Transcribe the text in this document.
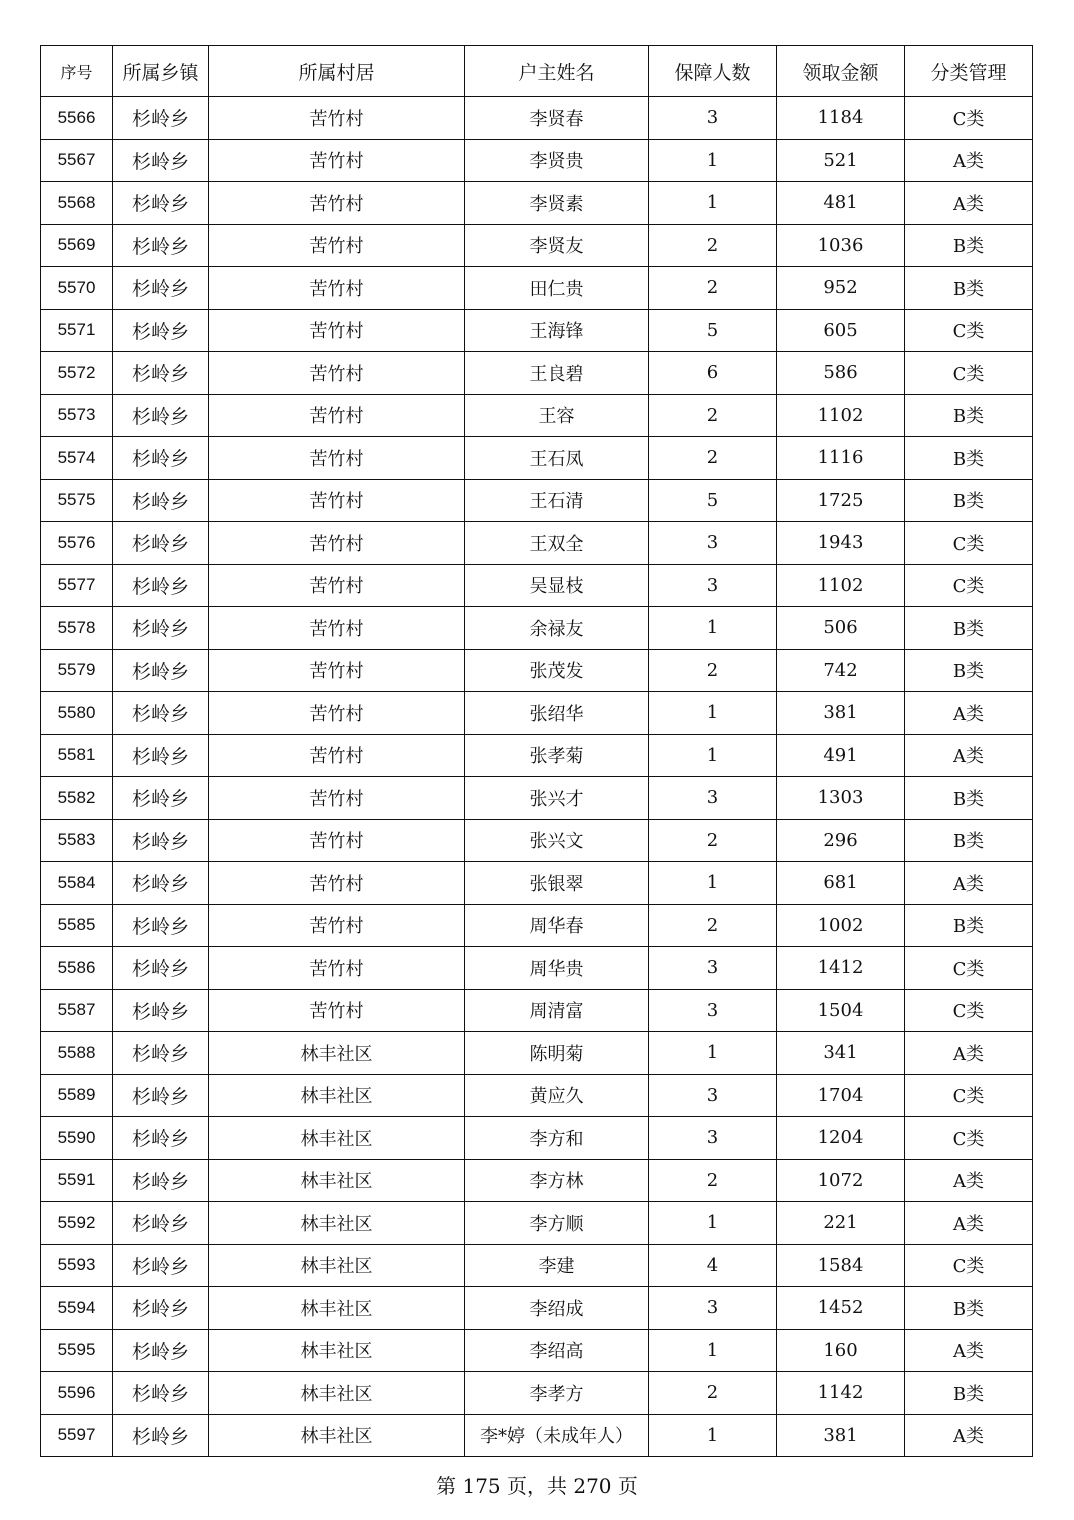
序号	所属乡镇	所属村居	户主姓名	保障人数	领取金额	分类管理
5566	杉岭乡	苦竹村	李贤春	3	1184	C类
5567	杉岭乡	苦竹村	李贤贵	1	521	A类
5568	杉岭乡	苦竹村	李贤素	1	481	A类
5569	杉岭乡	苦竹村	李贤友	2	1036	B类
5570	杉岭乡	苦竹村	田仁贵	2	952	B类
5571	杉岭乡	苦竹村	王海锋	5	605	C类
5572	杉岭乡	苦竹村	王良碧	6	586	C类
5573	杉岭乡	苦竹村	王容	2	1102	B类
5574	杉岭乡	苦竹村	王石凤	2	1116	B类
5575	杉岭乡	苦竹村	王石清	5	1725	B类
5576	杉岭乡	苦竹村	王双全	3	1943	C类
5577	杉岭乡	苦竹村	吴显枝	3	1102	C类
5578	杉岭乡	苦竹村	余禄友	1	506	B类
5579	杉岭乡	苦竹村	张茂发	2	742	B类
5580	杉岭乡	苦竹村	张绍华	1	381	A类
5581	杉岭乡	苦竹村	张孝菊	1	491	A类
5582	杉岭乡	苦竹村	张兴才	3	1303	B类
5583	杉岭乡	苦竹村	张兴文	2	296	B类
5584	杉岭乡	苦竹村	张银翠	1	681	A类
5585	杉岭乡	苦竹村	周华春	2	1002	B类
5586	杉岭乡	苦竹村	周华贵	3	1412	C类
5587	杉岭乡	苦竹村	周清富	3	1504	C类
5588	杉岭乡	林丰社区	陈明菊	1	341	A类
5589	杉岭乡	林丰社区	黄应久	3	1704	C类
5590	杉岭乡	林丰社区	李方和	3	1204	C类
5591	杉岭乡	林丰社区	李方林	2	1072	A类
5592	杉岭乡	林丰社区	李方顺	1	221	A类
5593	杉岭乡	林丰社区	李建	4	1584	C类
5594	杉岭乡	林丰社区	李绍成	3	1452	B类
5595	杉岭乡	林丰社区	李绍高	1	160	A类
5596	杉岭乡	林丰社区	李孝方	2	1142	B类
5597	杉岭乡	林丰社区	李*婷（未成年人）	1	381	A类
第 175 页，共 270 页
